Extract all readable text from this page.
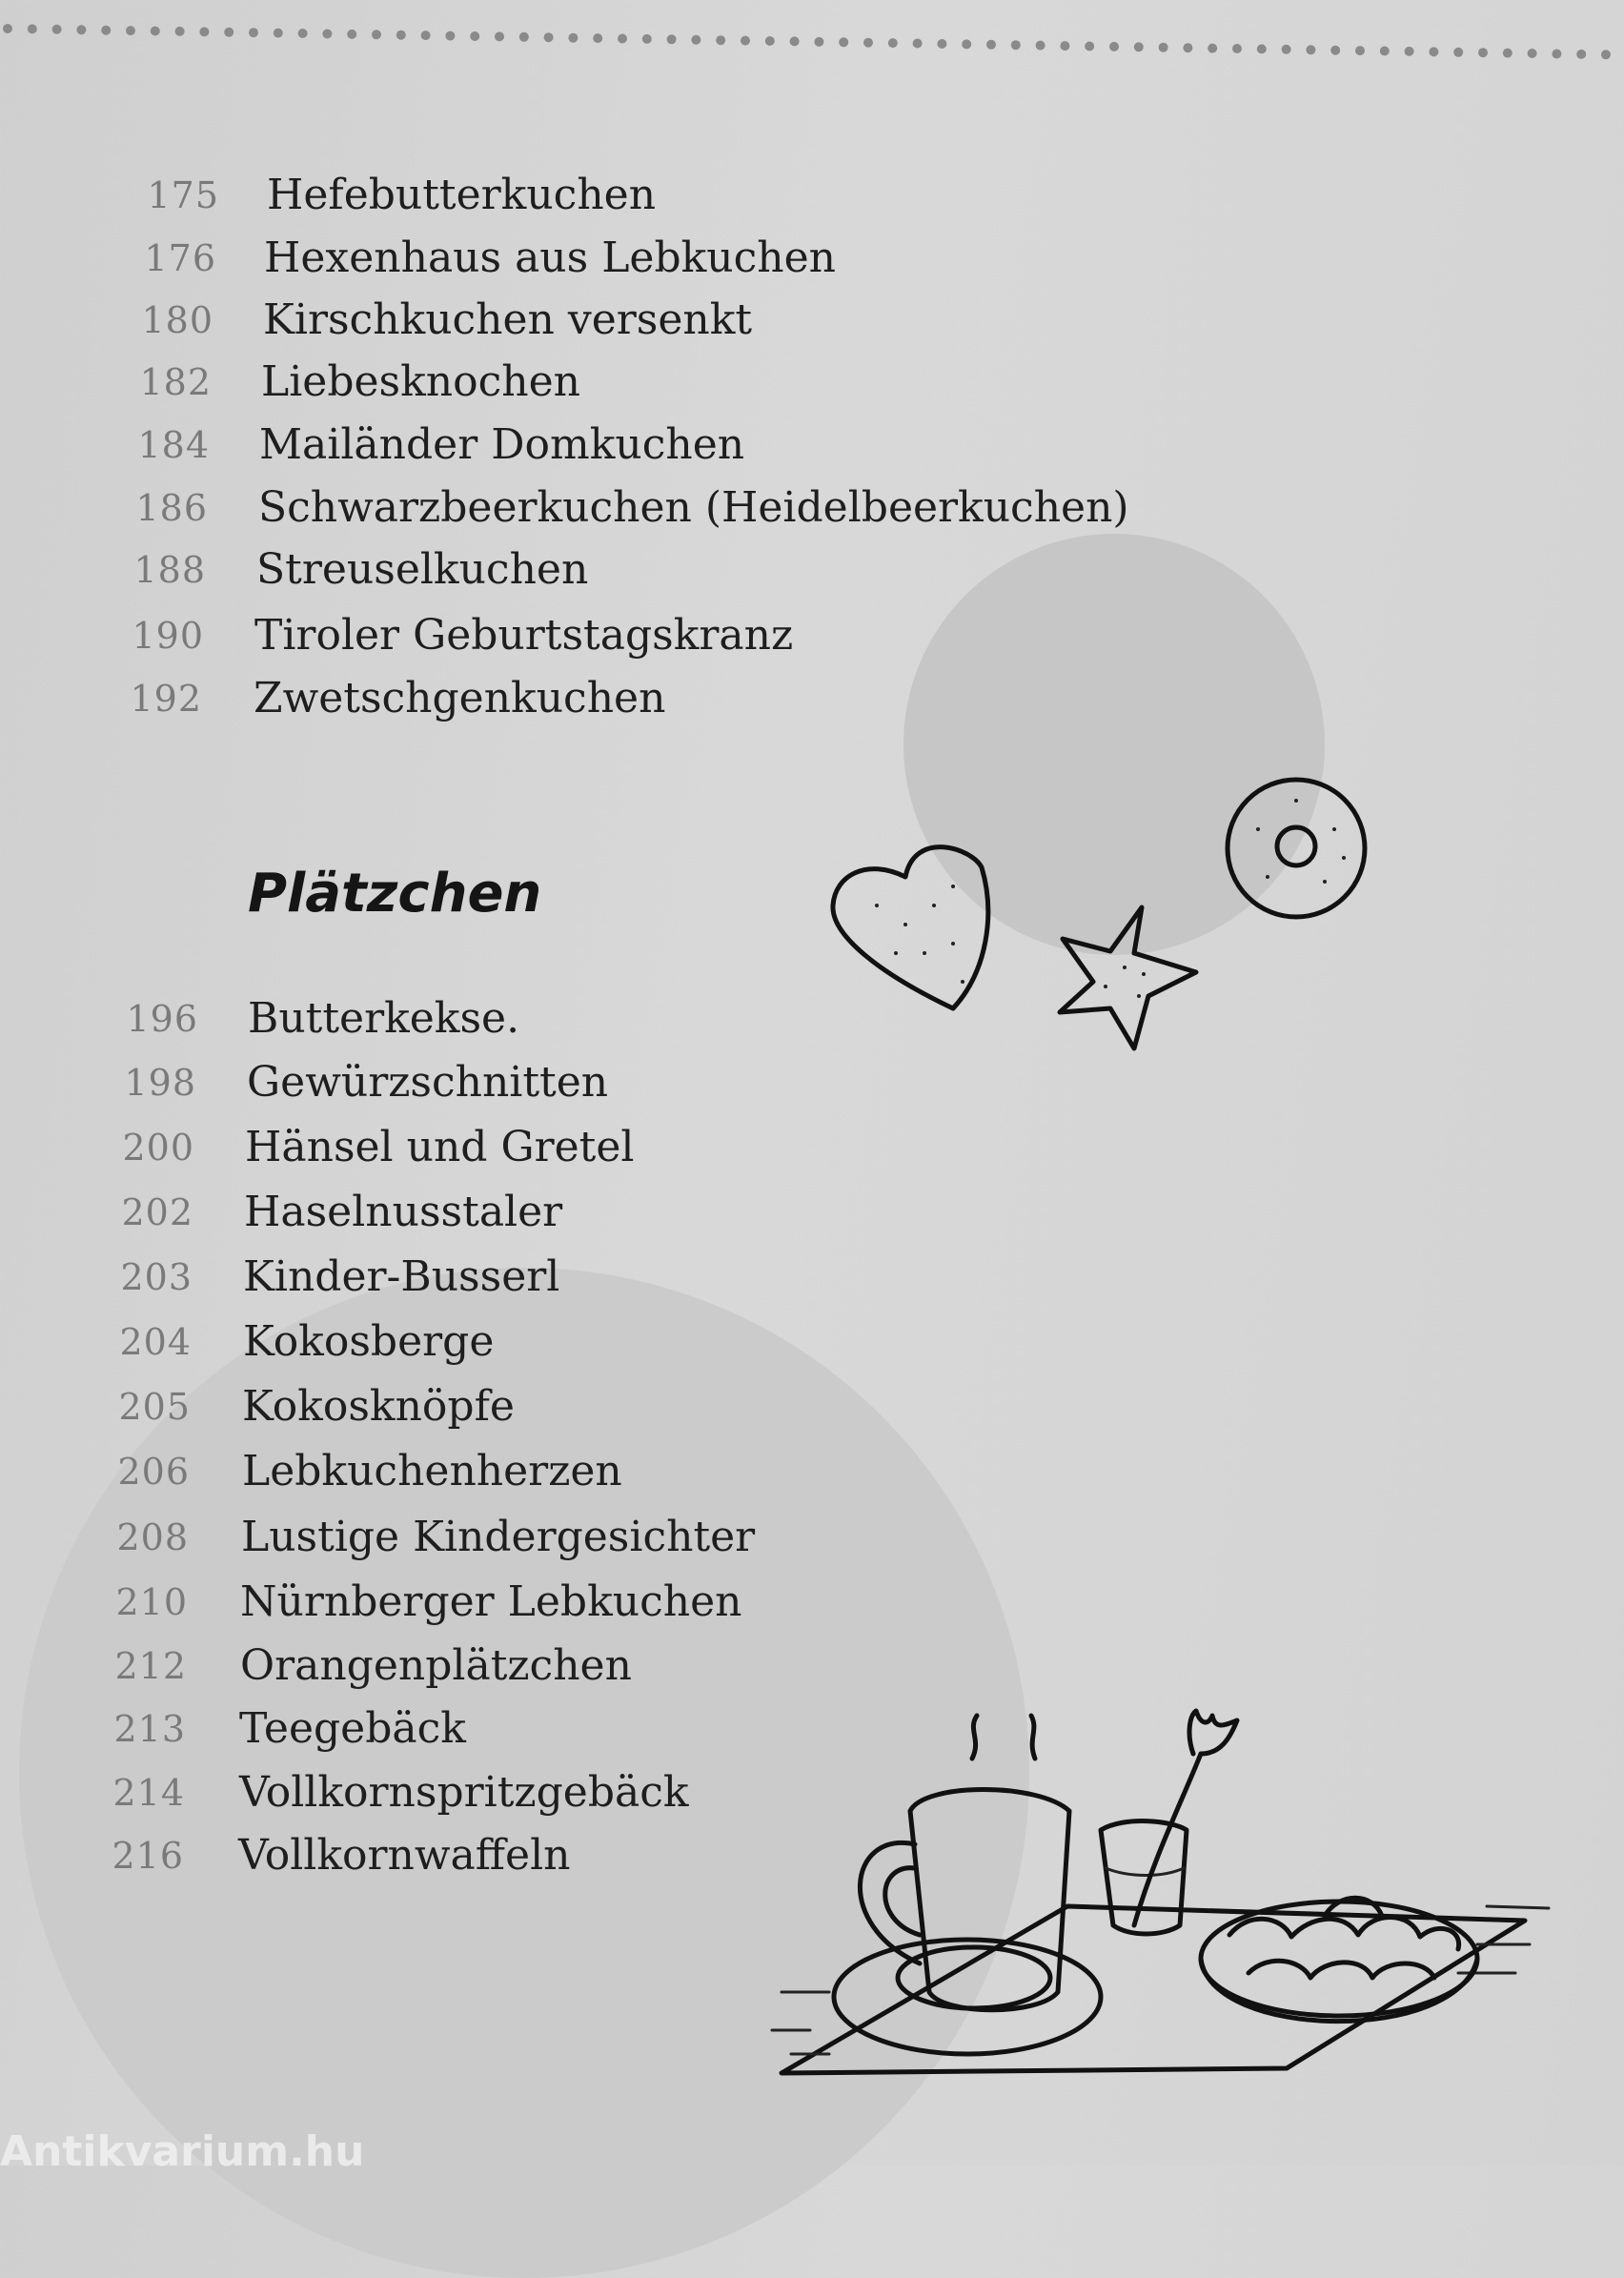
175 Hefebutterkuchen
176 Hexenhaus aus Lebkuchen
180 Kirschkuchen versenkt
182 Liebesknochen
184 Mailänder Domkuchen
186 Schwarzbeerkuchen (Heidelbeerkuchen)
188 Streuselkuchen
190 Tiroler Geburtstagskranz
192 Zwetschgenkuchen
Plätzchen
196 Butterkekse.
198 Gewürzschnitten
200 Hänsel und Gretel
202 Haselnusstaler
203 Kinder-Busserl
204 Kokosberge
205 Kokosknöpfe
206 Lebkuchenherzen
208 Lustige Kindergesichter
210 Nürnberger Lebkuchen
212 Orangenplätzchen
213 Teegebäck
214 Vollkornspritzgebäck
216 Vollkornwaffeln
Antikvarium.hu
